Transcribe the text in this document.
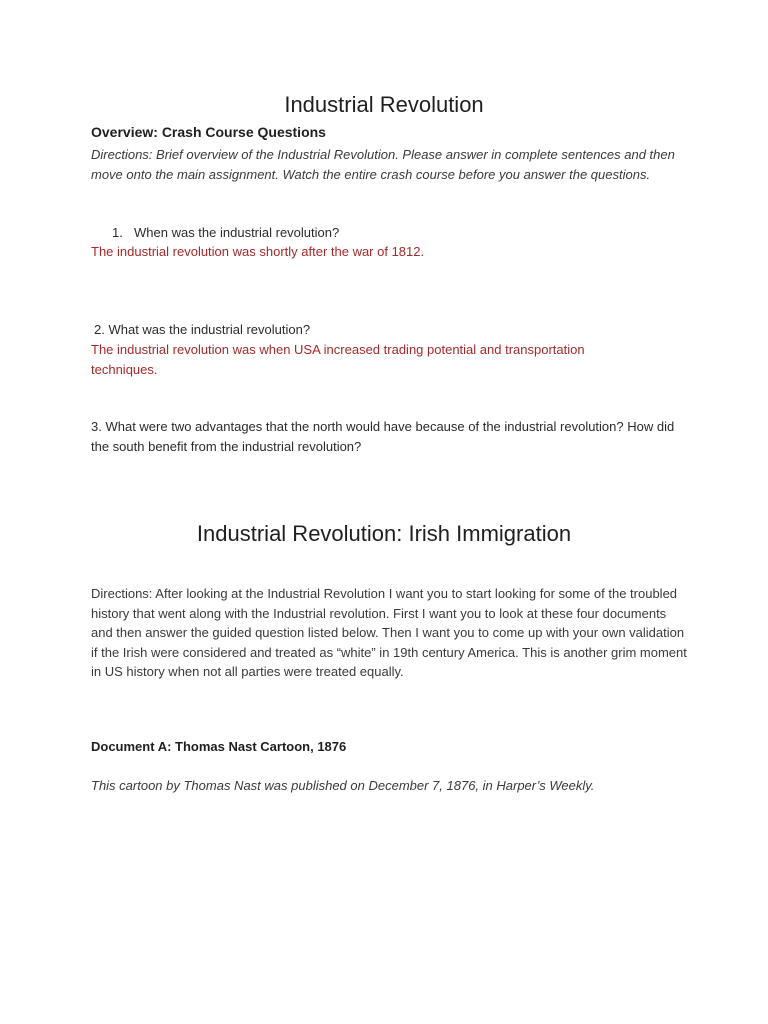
Industrial Revolution
Overview: Crash Course Questions

Directions: Brief overview of the Industrial Revolution. Please answer in complete sentences and then move onto the main assignment. Watch the entire crash course before you answer the questions.

1. When was the industrial revolution?

The industrial revolution was shortly after the war of 1812.

2. What was the industrial revolution?

The industrial revolution was when USA increased trading potential and transportation techniques.

3. What were two advantages that the north would have because of the industrial revolution? How did the south benefit from the industrial revolution?

Industrial Revolution: Irish Immigration

Directions: After looking at the Industrial Revolution I want you to start looking for some of the troubled history that went along with the Industrial revolution. First I want you to look at these four documents and then answer the guided question listed below. Then I want you to come up with your own validation if the Irish were considered and treated as “white” in 19th century America. This is another grim moment in US history when not all parties were treated equally.

Document A: Thomas Nast Cartoon, 1876
This cartoon by Thomas Nast was published on December 7, 1876, in Harper’s Weekly.
